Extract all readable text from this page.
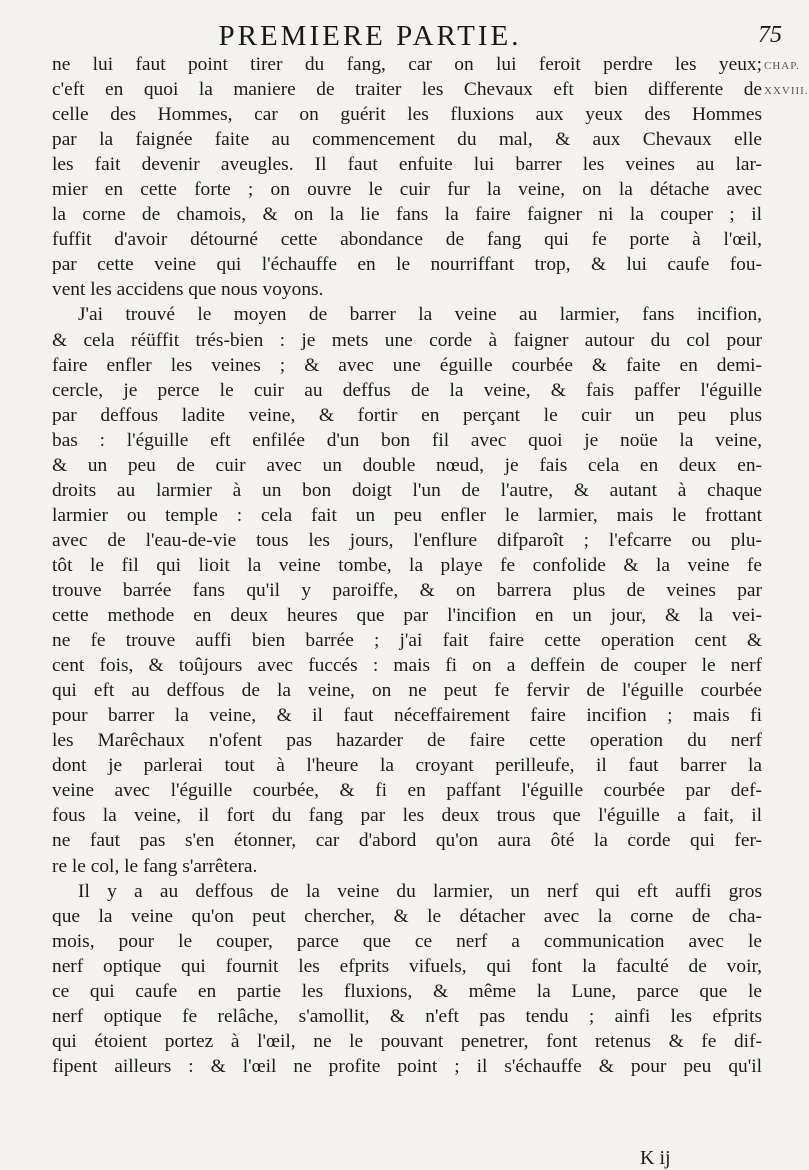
PREMIERE PARTIE.	75
CHAP.
XXVIII.
ne lui faut point tirer du fang, car on lui feroit perdre les yeux;
c'eft en quoi la maniere de traiter les Chevaux eft bien differente de
celle des Hommes, car on guérit les fluxions aux yeux des Hommes
par la faignée faite au commencement du mal, & aux Chevaux elle
les fait devenir aveugles. Il faut enfuite lui barrer les veines au lar-
mier en cette forte ; on ouvre le cuir fur la veine, on la détache avec
la corne de chamois, & on la lie fans la faire faigner ni la couper ; il
fuffit d'avoir détourné cette abondance de fang qui fe porte à l'œil,
par cette veine qui l'échauffe en le nourriffant trop, & lui caufe fou-
vent les accidens que nous voyons.
J'ai trouvé le moyen de barrer la veine au larmier, fans incifion,
& cela réüffit trés-bien : je mets une corde à faigner autour du col pour
faire enfler les veines ; & avec une éguille courbée & faite en demi-
cercle, je perce le cuir au deffus de la veine, & fais paffer l'éguille
par deffous ladite veine, & fortir en perçant le cuir un peu plus
bas : l'éguille eft enfilée d'un bon fil avec quoi je noüe la veine,
& un peu de cuir avec un double nœud, je fais cela en deux en-
droits au larmier à un bon doigt l'un de l'autre, & autant à chaque
larmier ou temple : cela fait un peu enfler le larmier, mais le frottant
avec de l'eau-de-vie tous les jours, l'enflure difparoît ; l'efcarre ou plu-
tôt le fil qui lioit la veine tombe, la playe fe confolide & la veine fe
trouve barrée fans qu'il y paroiffe, & on barrera plus de veines par
cette methode en deux heures que par l'incifion en un jour, & la vei-
ne fe trouve auffi bien barrée ; j'ai fait faire cette operation cent &
cent fois, & toûjours avec fuccés : mais fi on a deffein de couper le nerf
qui eft au deffous de la veine, on ne peut fe fervir de l'éguille courbée
pour barrer la veine, & il faut néceffairement faire incifion ; mais fi
les Marêchaux n'ofent pas hazarder de faire cette operation du nerf
dont je parlerai tout à l'heure la croyant perilleufe, il faut barrer la
veine avec l'éguille courbée, & fi en paffant l'éguille courbée par def-
fous la veine, il fort du fang par les deux trous que l'éguille a fait, il
ne faut pas s'en étonner, car d'abord qu'on aura ôté la corde qui fer-
re le col, le fang s'arrêtera.
Il y a au deffous de la veine du larmier, un nerf qui eft auffi gros
que la veine qu'on peut chercher, & le détacher avec la corne de cha-
mois, pour le couper, parce que ce nerf a communication avec le
nerf optique qui fournit les efprits vifuels, qui font la faculté de voir,
ce qui caufe en partie les fluxions, & même la Lune, parce que le
nerf optique fe relâche, s'amollit, & n'eft pas tendu ; ainfi les efprits
qui étoient portez à l'œil, ne le pouvant penetrer, font retenus & fe dif-
fipent ailleurs : & l'œil ne profite point ; il s'échauffe & pour peu qu'il
K ij
